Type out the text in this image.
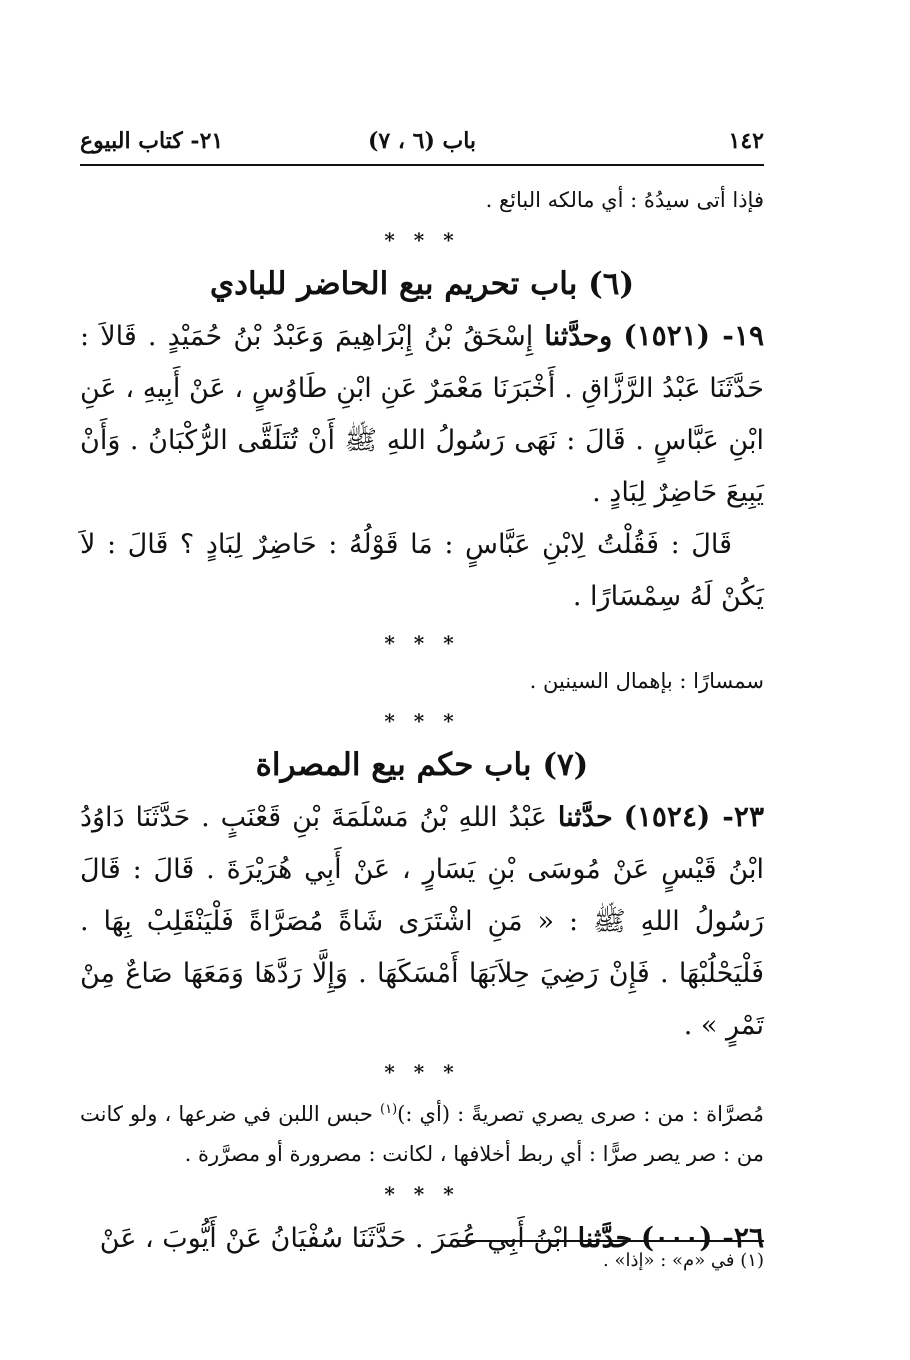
١٤٢
باب (٦ ، ٧)
٢١- كتاب البيوع

فإذا أتى سيدُهُ : أي مالكه البائع .

* * *
(٦) باب تحريم بيع الحاضر للبادي

١٩- (١٥٢١) وحدَّثنا إِسْحَقُ بْنُ إِبْرَاهِيمَ وَعَبْدُ بْنُ حُمَيْدٍ . قَالاَ : حَدَّثَنَا عَبْدُ الرَّزَّاقِ . أَخْبَرَنَا مَعْمَرٌ عَنِ ابْنِ طَاوُسٍ ، عَنْ أَبِيهِ ، عَنِ ابْنِ عَبَّاسٍ . قَالَ : نَهَى رَسُولُ اللهِ ﷺ أَنْ تُتَلَقَّى الرُّكْبَانُ . وَأَنْ يَبِيعَ حَاضِرٌ لِبَادٍ .

قَالَ : فَقُلْتُ لِابْنِ عَبَّاسٍ : مَا قَوْلُهُ : حَاضِرٌ لِبَادٍ ؟ قَالَ : لاَ يَكُنْ لَهُ سِمْسَارًا .

* * *

سمسارًا : بإهمال السينين .

* * *
(٧) باب حكم بيع المصراة

٢٣- (١٥٢٤) حدَّثنا عَبْدُ اللهِ بْنُ مَسْلَمَةَ بْنِ قَعْنَبٍ . حَدَّثَنَا دَاوُدُ ابْنُ قَيْسٍ عَنْ مُوسَى بْنِ يَسَارٍ ، عَنْ أَبِي هُرَيْرَةَ . قَالَ : قَالَ رَسُولُ اللهِ ﷺ : « مَنِ اشْتَرَى شَاةً مُصَرَّاةً فَلْيَنْقَلِبْ بِهَا . فَلْيَحْلُبْهَا . فَإِنْ رَضِيَ حِلاَبَهَا أَمْسَكَهَا . وَإِلَّا رَدَّهَا وَمَعَهَا صَاعٌ مِنْ تَمْرٍ » .

* * *

مُصرَّاة : من : صرى يصري تصريةً : (أي :)$^{(١)}$ حبس اللبن في ضرعها ، ولو كانت من : صر يصر صرًّا : أي ربط أخلافها ، لكانت : مصرورة أو مصرَّرة .

* * *

٢٦- (٠٠٠) حدَّثنا ابْنُ أَبِي عُمَرَ . حَدَّثَنَا سُفْيَانُ عَنْ أَيُّوبَ ، عَنْ

(١) في «م» : «إذا» .
